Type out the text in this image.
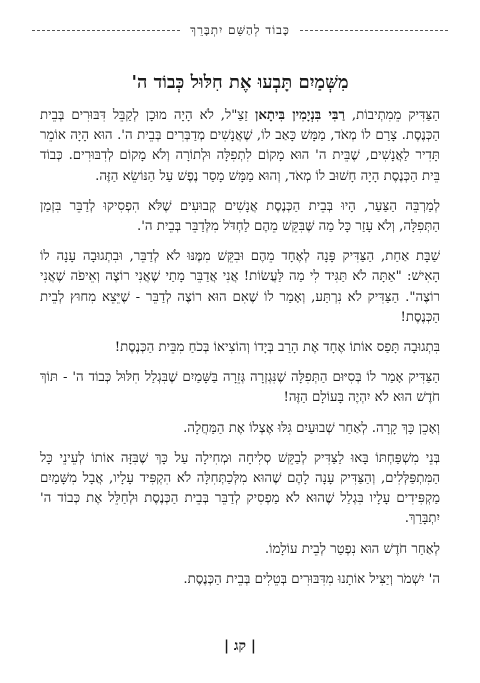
כָּבוֹד לְהַשֵּׁם יִתְבָּרֵךְ
מִשְּׁמַיִם תָּבְעוּ אֶת חִלּוּל כְּבוֹד ה'

הַצַּדִּיק מֵמִתְיבוֹת, רַבִּי בִּנְיָמִין בִּיתָאן זַצַ"ל, לֹא הָיָה מוּכָן לְקַבֵּל דִּבּוּרִים בְּבֵית הַכְּנֶסֶת. צָרַם לוֹ מְאֹד, מַמָּשׁ כָּאַב לוֹ, שֶׁאֲנָשִׁים מְדַבְּרִים בְּבֵית ה'. הוּא הָיָה אוֹמֵר תָּדִיר לַאֲנָשִׁים, שֶׁבֵּית ה' הוּא מָקוֹם לִתְפִלָּה וּלְתוֹרָה וְלֹא מָקוֹם לְדִבּוּרִים. כְּבוֹד בֵּית הַכְּנֶסֶת הָיָה חָשׁוּב לוֹ מְאֹד, וְהוּא מַמָּשׁ מָסַר נֶפֶשׁ עַל הַנּוֹשֵׂא הַזֶּה.

לְמַרְבֵּה הַצַּעַר, הָיוּ בְּבֵית הַכְּנֶסֶת אֲנָשִׁים קְבוּעִים שֶׁלֹּא הִפְסִיקוּ לְדַבֵּר בִּזְמַן הַתְּפִלָּה, וְלֹא עָזַר כָּל מַה שֶּׁבִּקֵּשׁ מֵהֶם לַחְדֹּל מִלְּדַבֵּר בְּבֵית ה'.

שַׁבָּת אַחַת, הַצַּדִּיק פָּנָה לְאֶחָד מֵהֶם וּבִקֵּשׁ מִמֶּנּוּ לֹא לְדַבֵּר, וּבִתְגוּבָה עָנָה לוֹ הָאִישׁ: "אַתָּה לֹא תַּגִּיד לִי מַה לַּעֲשׂוֹת! אֲנִי אֲדַבֵּר מָתַי שֶׁאֲנִי רוֹצֶה וְאֵיפֹה שֶׁאֲנִי רוֹצֶה". הַצַּדִּיק לֹא נִרְתַּע, וְאָמַר לוֹ שֶׁאִם הוּא רוֹצֶה לְדַבֵּר - שֶׁיֵּצֵא מִחוּץ לְבֵית הַכְּנֶסֶת!

בִּתְגוּבָה תָּפַס אוֹתוֹ אֶחָד אֶת הָרַב בְּיָדוֹ וְהוֹצִיאוֹ בְּכֹחַ מִבֵּית הַכְּנֶסֶת!

הַצַּדִּיק אָמַר לוֹ בְּסִיּוּם הַתְּפִלָּה שֶׁנִּגְזְרָה גְּזֵרָה בַּשָּׁמַיִם שֶׁבִּגְלַל חִלּוּל כְּבוֹד ה' - תּוֹךְ חֹדֶשׁ הוּא לֹא יִהְיֶה בָּעוֹלָם הַזֶּה!

וְאָכֵן כָּךְ קָרָה. לְאַחַר שְׁבוּעַיִם גִּלּוּ אֶצְלוֹ אֶת הַמַּחֲלָה.

בְּנֵי מִשְׁפַּחְתּוֹ בָּאוּ לַצַּדִּיק לְבַקֵּשׁ סְלִיחָה וּמְחִילָה עַל כָּךְ שֶׁבִּזָּה אוֹתוֹ לְעֵינֵי כָּל הַמִּתְפַּלְּלִים, וְהַצַּדִּיק עָנָה לָהֶם שֶׁהוּא מִלְּכַתְּחִלָּה לֹא הִקְפִּיד עָלָיו, אֲבָל מִשָּׁמַיִם מַקְפִּידִים עָלָיו בִּגְלַל שֶׁהוּא לֹא מַפְסִיק לְדַבֵּר בְּבֵית הַכְּנֶסֶת וּלְחַלֵּל אֶת כְּבוֹד ה' יִתְבָּרַךְ.

לְאַחַר חֹדֶשׁ הוּא נִפְטַר לְבֵית עוֹלָמוֹ.

ה' יִשְׁמֹר וְיַצִּיל אוֹתָנוּ מִדִּבּוּרִים בְּטֵלִים בְּבֵית הַכְּנֶסֶת.

| קג |
